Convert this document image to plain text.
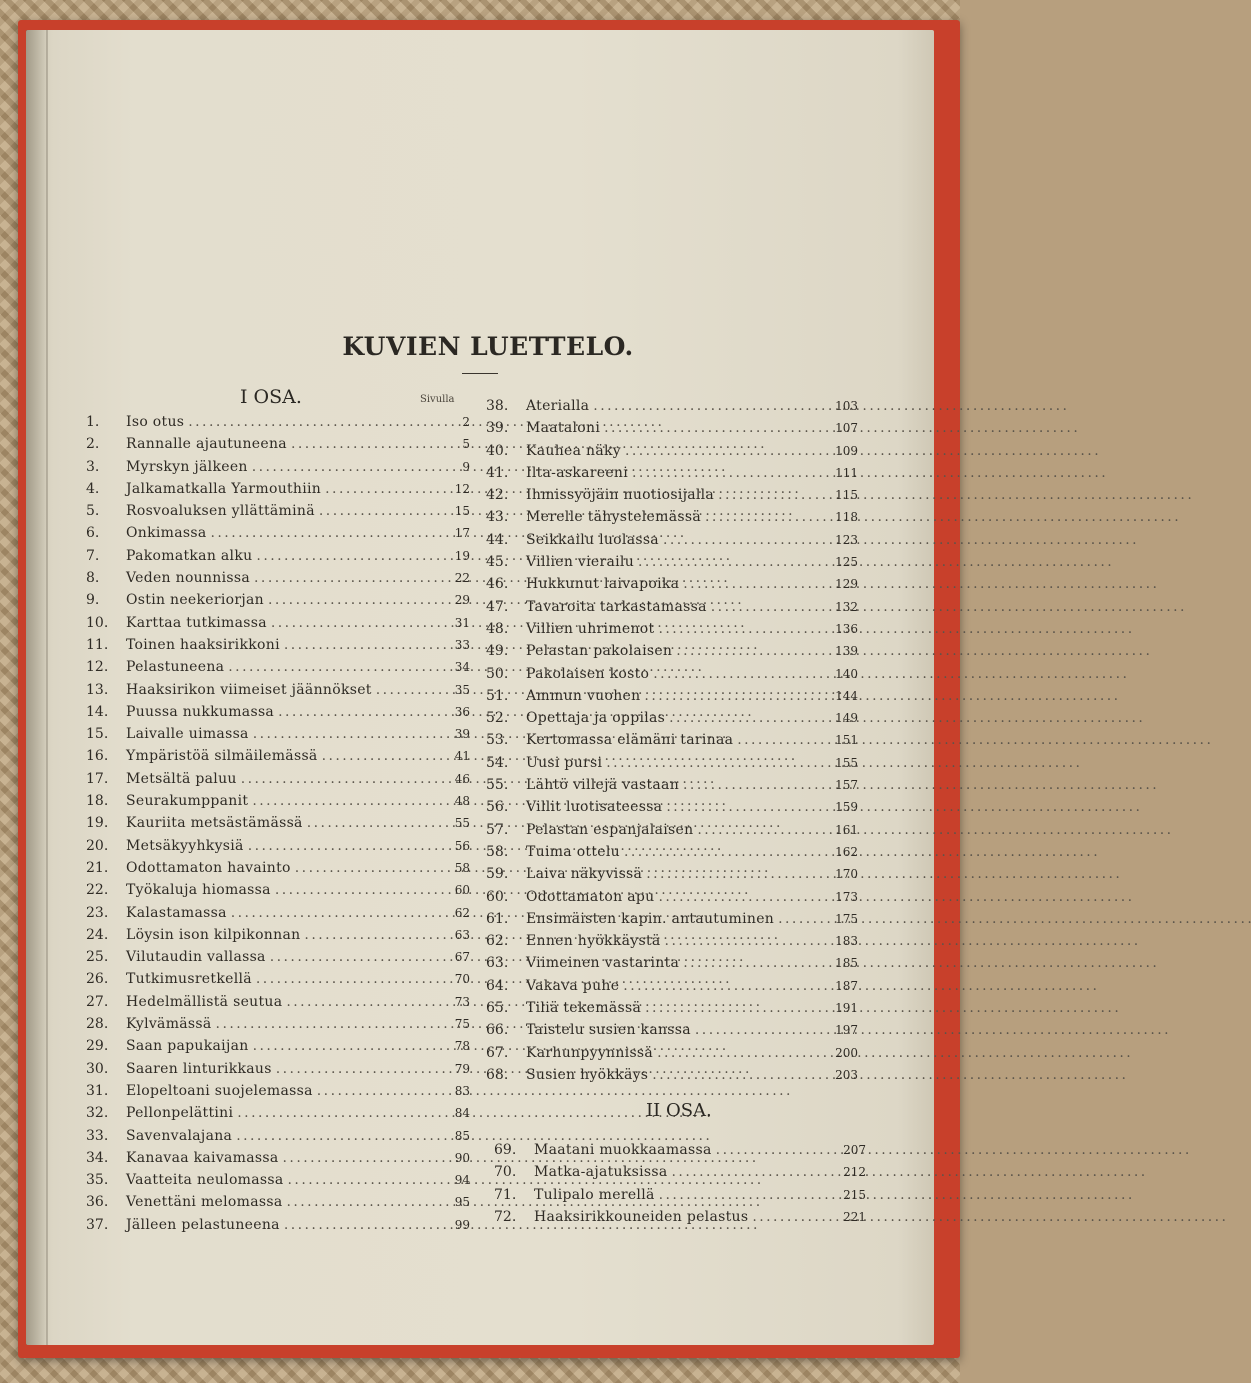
KUVIEN LUETTELO.
I OSA.	Sivulla
1.	Iso otus . . .	2
2.	Rannalle ajautuneena . . .	5
3.	Myrskyn jälkeen . . .	9
4.	Jalkamatkalla Yarmouthiin . . .	12
5.	Rosvoaluksen yllättäminä . . .	15
6.	Onkimassa . . .	17
7.	Pakomatkan alku . . .	19
8.	Veden nounnissa . . .	22
9.	Ostin neekeriorjan . . .	29
10.	Karttaa tutkimassa . . .	31
11.	Toinen haaksirikkoni . . .	33
12.	Pelastuneena . . .	34
13.	Haaksirikon viimeiset jäännökset . . .	35
14.	Puussa nukkumassa . . .	36
15.	Laivalle uimassa . . .	39
16.	Ympäristöä silmäilemässä . . .	41
17.	Metsältä paluu . . .	46
18.	Seurakumppanit . . .	48
19.	Kauriita metsästämässä . . .	55
20.	Metsäkyyhkysiä . . .	56
21.	Odottamaton havainto . . .	58
22.	Työkaluja hiomassa . . .	60
23.	Kalastamassa . . .	62
24.	Löysin ison kilpikonnan . . .	63
25.	Vilutaudin vallassa . . .	67
26.	Tutkimusretkellä . . .	70
27.	Hedelmällistä seutua . . .	73
28.	Kylvämässä . . .	75
29.	Saan papukaijan . . .	78
30.	Saaren linturikkaus . . .	79
31.	Elopeltoani suojelemassa . . .	83
32.	Pellonpelättini . . .	84
33.	Savenvalajana . . .	85
34.	Kanavaa kaivamassa . . .	90
35.	Vaatteita neulomassa . . .	94
36.	Venettäni melomassa . . .	95
37.	Jälleen pelastuneena . . .	99
38.	Aterialla . . .	103
39.	Maataloni . . .	107
40.	Kauhea näky . . .	109
41.	Ilta-askareeni . . .	111
42.	Ihmissyöjäin nuotiosijalla . . .	115
43.	Merelle tähystelemässä . . .	118
44.	Seikkailu luolassa . . .	123
45.	Villien vierailu . . .	125
46.	Hukkunut laivapoika . . .	129
47.	Tavaroita tarkastamassa . . .	132
48.	Villien uhrimenot . . .	136
49.	Pelastan pakolaisen . . .	139
50.	Pakolaisen kosto . . .	140
51.	Ammun vuohen . . .	144
52.	Opettaja ja oppilas . . .	149
53.	Kertomassa elämäni tarinaa . . .	151
54.	Uusi pursi . . .	155
55.	Lähtö villejä vastaan . . .	157
56.	Villit luotisateessa . . .	159
57.	Pelastan espanjalaisen . . .	161
58.	Tuima ottelu . . .	162
59.	Laiva näkyvissä . . .	170
60.	Odottamaton apu . . .	173
61.	Ensimäisten kapin. antautuminen . . .	175
62.	Ennen hyökkäystä . . .	183
63.	Viimeinen vastarinta . . .	185
64.	Vakava puhe . . .	187
65.	Tiliä tekemässä . . .	191
66.	Taistelu susien kanssa . . .	197
67.	Karhunpyynnissä . . .	200
68.	Susien hyökkäys . . .	203
II OSA.
69.	Maatani muokkaamassa . . .	207
70.	Matka-ajatuksissa . . .	212
71.	Tulipalo merellä . . .	215
72.	Haaksirikkouneiden pelastus . . .	221
